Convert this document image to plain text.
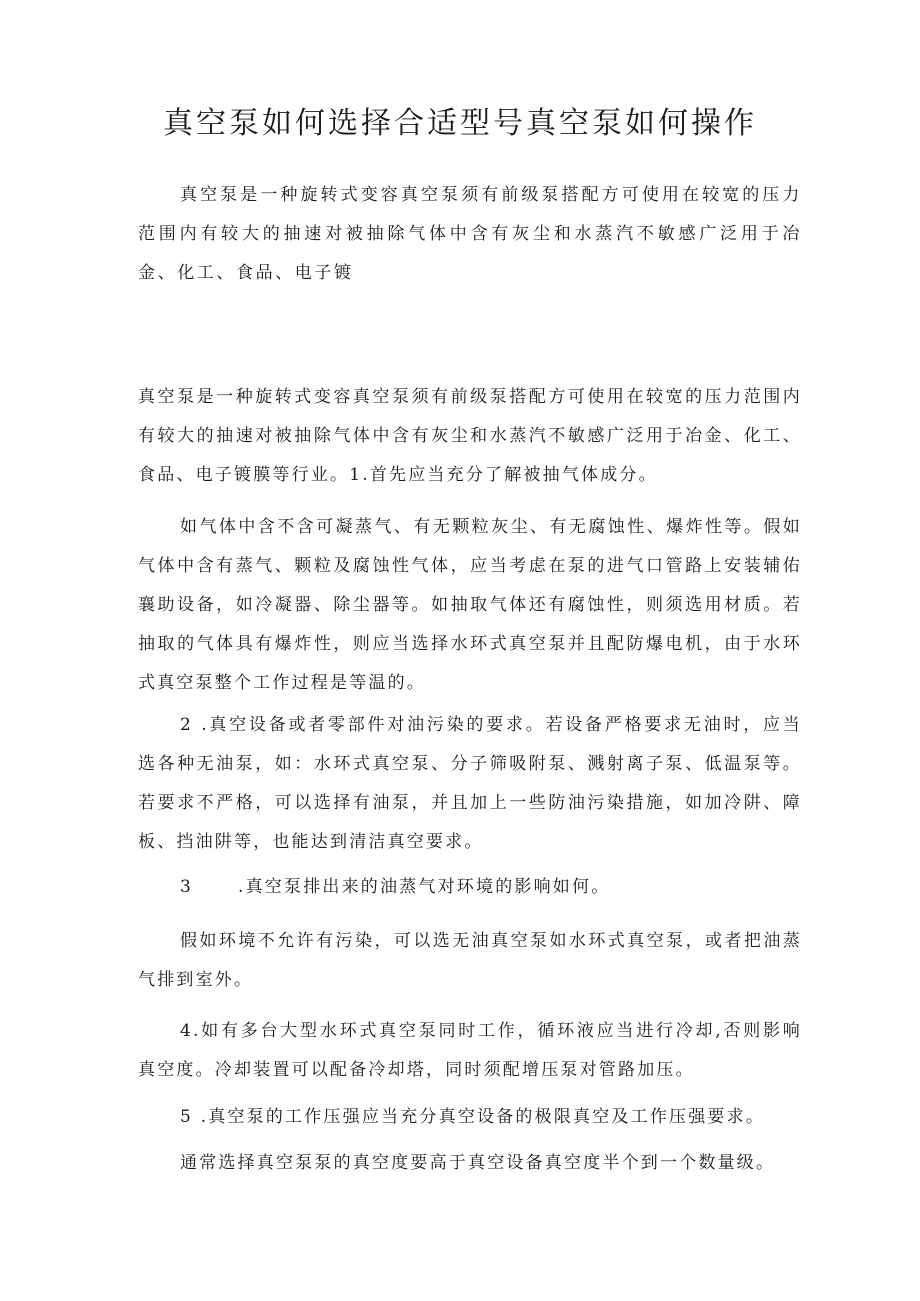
真空泵如何选择合适型号真空泵如何操作

真空泵是一种旋转式变容真空泵须有前级泵搭配方可使用在较宽的压力范围内有较大的抽速对被抽除气体中含有灰尘和水蒸汽不敏感广泛用于冶金、化工、食品、电子镀

真空泵是一种旋转式变容真空泵须有前级泵搭配方可使用在较宽的压力范围内有较大的抽速对被抽除气体中含有灰尘和水蒸汽不敏感广泛用于冶金、化工、食品、电子镀膜等行业。1.首先应当充分了解被抽气体成分。

如气体中含不含可凝蒸气、有无颗粒灰尘、有无腐蚀性、爆炸性等。假如气体中含有蒸气、颗粒及腐蚀性气体，应当考虑在泵的进气口管路上安装辅佑襄助设备，如冷凝器、除尘器等。如抽取气体还有腐蚀性，则须选用材质。若抽取的气体具有爆炸性，则应当选择水环式真空泵并且配防爆电机，由于水环式真空泵整个工作过程是等温的。

2 .真空设备或者零部件对油污染的要求。若设备严格要求无油时，应当选各种无油泵，如：水环式真空泵、分子筛吸附泵、溅射离子泵、低温泵等。若要求不严格，可以选择有油泵，并且加上一些防油污染措施，如加冷阱、障板、挡油阱等，也能达到清洁真空要求。

3	.真空泵排出来的油蒸气对环境的影响如何。

假如环境不允许有污染，可以选无油真空泵如水环式真空泵，或者把油蒸气排到室外。

4.如有多台大型水环式真空泵同时工作，循环液应当进行冷却,否则影响真空度。冷却装置可以配备冷却塔，同时须配增压泵对管路加压。

5 .真空泵的工作压强应当充分真空设备的极限真空及工作压强要求。

通常选择真空泵泵的真空度要高于真空设备真空度半个到一个数量级。
